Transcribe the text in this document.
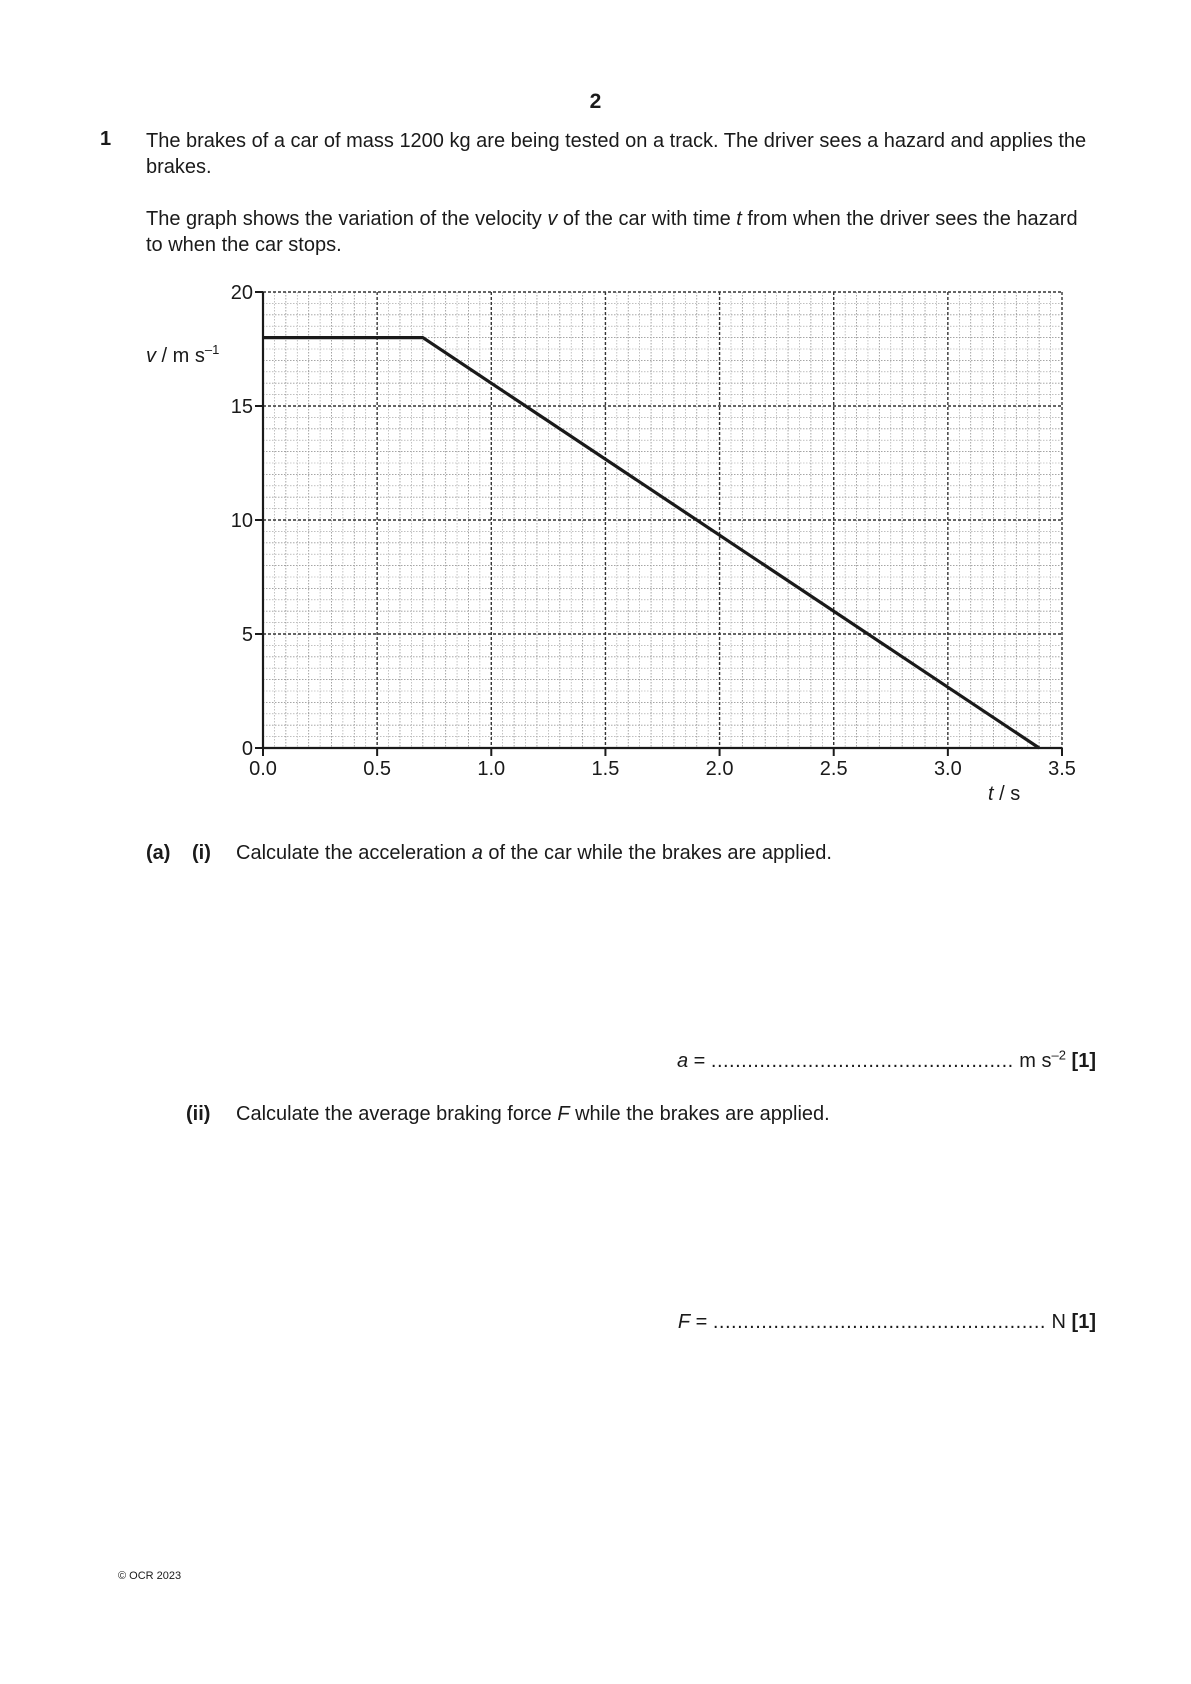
2
1 The brakes of a car of mass 1200 kg are being tested on a track. The driver sees a hazard and applies the brakes.
The graph shows the variation of the velocity v of the car with time t from when the driver sees the hazard to when the car stops.
0
5
10
15
20
0.0	0.5	1.0	1.5	2.0	2.5	3.0	3.5
v / m $s^{-1}$
t / s
(a) (i) Calculate the acceleration a of the car while the brakes are applied.
a = .................................................. m $s^{-2}$ [1]
(ii) Calculate the average braking force F while the brakes are applied.
F = ....................................................... N [1]
© OCR 2023
